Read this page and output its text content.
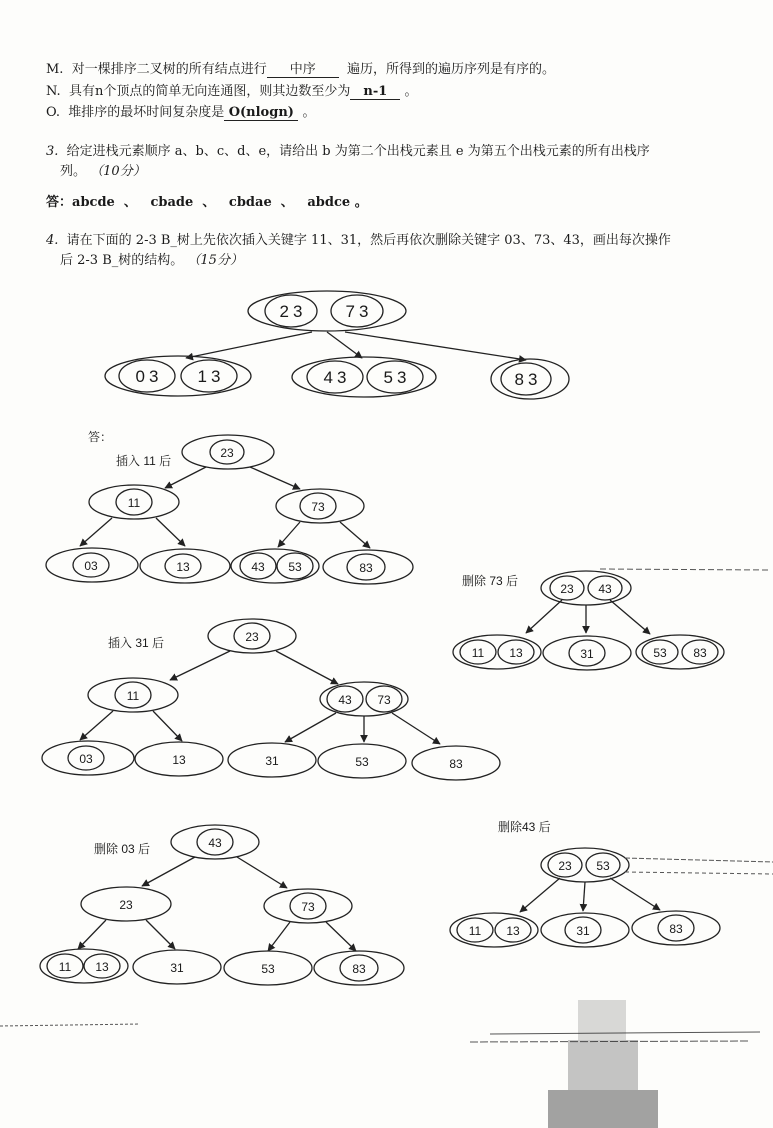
M. 对一棵排序二叉树的所有结点进行 中序 遍历，所得到的遍历序列是有序的。
N. 具有n个顶点的简单无向连通图，则其边数至少为 n-1 。
O. 堆排序的最坏时间复杂度是 O(nlogn) 。
3. 给定进栈元素顺序 a、b、c、d、e，请给出 b 为第二个出栈元素且 e 为第五个出栈元素的所有出栈序
列。 （10分）
答：abcde 、 cbade 、 cbdae 、 abdce 。
4. 请在下面的 2-3 B_树上先依次插入关键字 11、31，然后再依次删除关键字 03、73、43，画出每次操作
后 2-3 B_树的结构。 （15分）
答：
插入 11 后
插入 31 后
删除 03 后
删除 73 后
删除43 后
23 73
03 13	43 53	83
23
11	73
03	13	43 53	83
23
11	43 73
03	13	31	53	83
43
23	73
11 13	31	53	83
23 43
11 13	31	53 83
23 53
11 13	31	83
